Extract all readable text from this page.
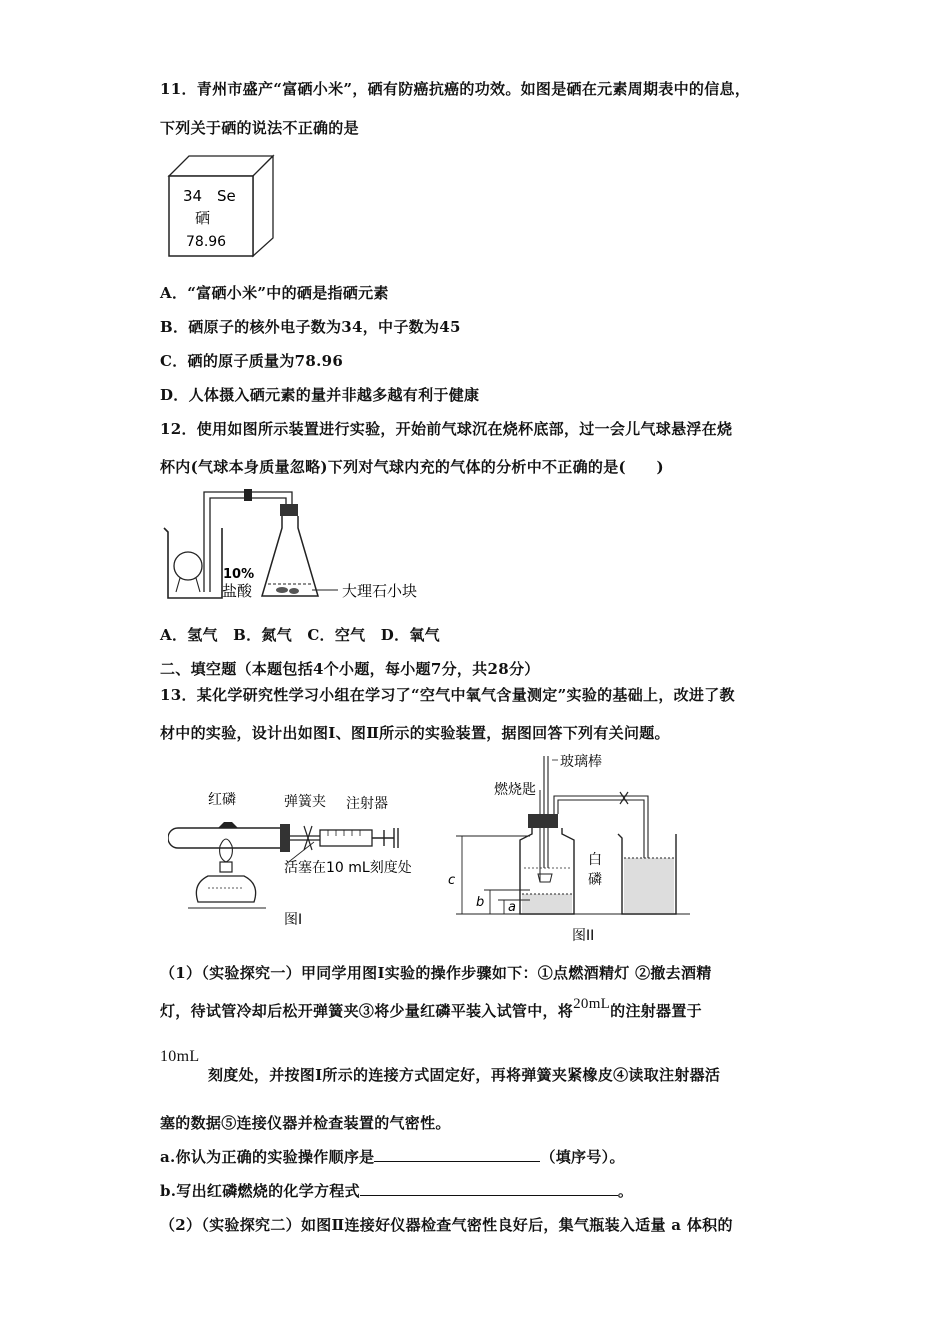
11．青州市盛产“富硒小米”，硒有防癌抗癌的功效。如图是硒在元素周期表中的信息，
下列关于硒的说法不正确的是
34 Se
硒
78.96
A．“富硒小米”中的硒是指硒元素
B．硒原子的核外电子数为34，中子数为45
C．硒的原子质量为78.96
D．人体摄入硒元素的量并非越多越有利于健康
12．使用如图所示装置进行实验，开始前气球沉在烧杯底部，过一会儿气球悬浮在烧
杯内(气球本身质量忽略)下列对气球内充的气体的分析中不正确的是(　　)
10%
盐酸	大理石小块
A．氢气　B．氮气　C．空气　D．氧气
二、填空题（本题包括4个小题，每小题7分，共28分）
13．某化学研究性学习小组在学习了“空气中氧气含量测定”实验的基础上，改进了教
材中的实验，设计出如图Ⅰ、图Ⅱ所示的实验装置，据图回答下列有关问题。
红磷	弹簧夹 注射器
活塞在10 mL刻度处
图I
玻璃棒
燃烧匙
白
磷
c
b a
图II
（1）（实验探究一）甲同学用图Ⅰ实验的操作步骤如下：①点燃酒精灯 ②撤去酒精
灯，待试管冷却后松开弹簧夹③将少量红磷平装入试管中，将20mL的注射器置于
10mL
刻度处，并按图Ⅰ所示的连接方式固定好，再将弹簧夹紧橡皮④读取注射器活
塞的数据⑤连接仪器并检查装置的气密性。
a.你认为正确的实验操作顺序是	（填序号）。
b.写出红磷燃烧的化学方程式	。
（2）（实验探究二）如图Ⅱ连接好仪器检查气密性良好后，集气瓶装入适量 a 体积的
